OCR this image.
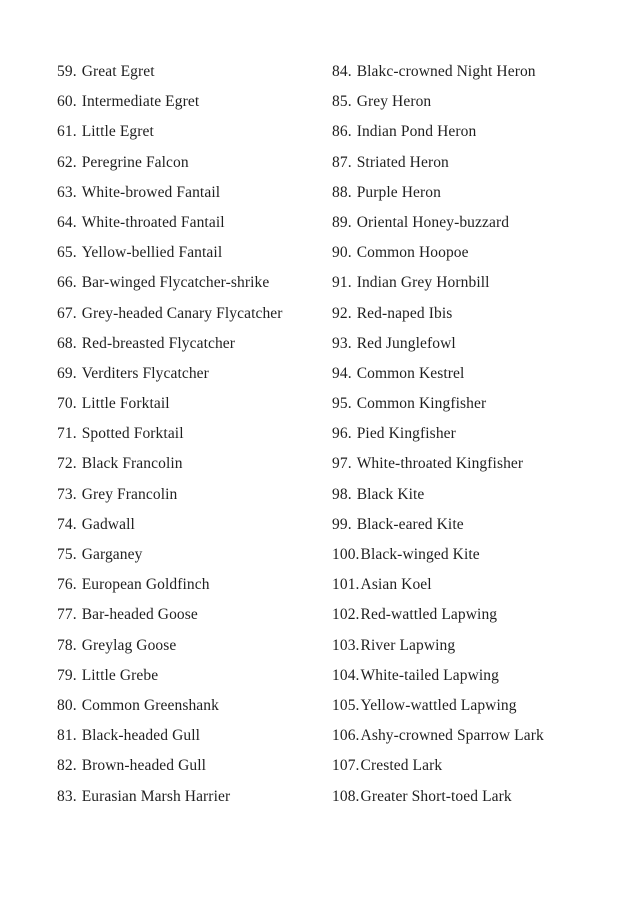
59. Great Egret
60. Intermediate Egret
61. Little Egret
62. Peregrine Falcon
63. White-browed Fantail
64. White-throated Fantail
65. Yellow-bellied Fantail
66. Bar-winged Flycatcher-shrike
67. Grey-headed Canary Flycatcher
68. Red-breasted Flycatcher
69. Verditers Flycatcher
70. Little Forktail
71. Spotted Forktail
72. Black Francolin
73. Grey Francolin
74. Gadwall
75. Garganey
76. European Goldfinch
77. Bar-headed Goose
78. Greylag Goose
79. Little Grebe
80. Common Greenshank
81. Black-headed Gull
82. Brown-headed Gull
83. Eurasian Marsh Harrier
84. Blakc-crowned Night Heron
85. Grey Heron
86. Indian Pond Heron
87. Striated Heron
88. Purple Heron
89. Oriental Honey-buzzard
90. Common Hoopoe
91. Indian Grey Hornbill
92. Red-naped Ibis
93. Red Junglefowl
94. Common Kestrel
95. Common Kingfisher
96. Pied Kingfisher
97. White-throated Kingfisher
98. Black Kite
99. Black-eared Kite
100.Black-winged Kite
101.Asian Koel
102.Red-wattled Lapwing
103.River Lapwing
104.White-tailed Lapwing
105.Yellow-wattled Lapwing
106.Ashy-crowned Sparrow Lark
107.Crested Lark
108.Greater Short-toed Lark
